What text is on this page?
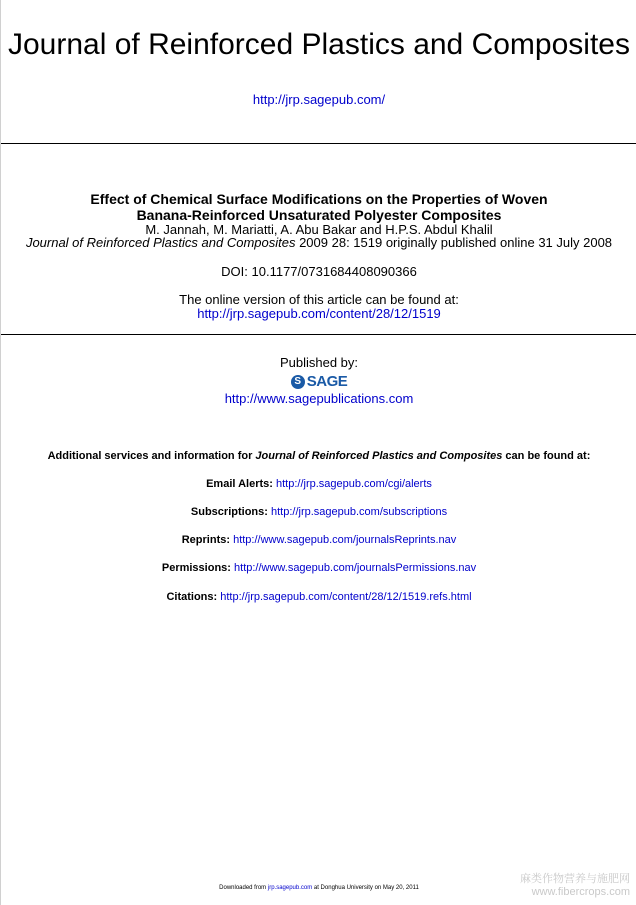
Journal of Reinforced Plastics and Composites
http://jrp.sagepub.com/
Effect of Chemical Surface Modifications on the Properties of Woven
Banana-Reinforced Unsaturated Polyester Composites
M. Jannah, M. Mariatti, A. Abu Bakar and H.P.S. Abdul Khalil
Journal of Reinforced Plastics and Composites 2009 28: 1519 originally published online 31 July 2008
DOI: 10.1177/0731684408090366
The online version of this article can be found at:
http://jrp.sagepub.com/content/28/12/1519
Published by:
S SAGE
http://www.sagepublications.com
Additional services and information for Journal of Reinforced Plastics and Composites can be found at:
Email Alerts: http://jrp.sagepub.com/cgi/alerts
Subscriptions: http://jrp.sagepub.com/subscriptions
Reprints: http://www.sagepub.com/journalsReprints.nav
Permissions: http://www.sagepub.com/journalsPermissions.nav
Citations: http://jrp.sagepub.com/content/28/12/1519.refs.html
Downloaded from jrp.sagepub.com at Donghua University on May 20, 2011
麻类作物营养与施肥网
www.fibercrops.com
